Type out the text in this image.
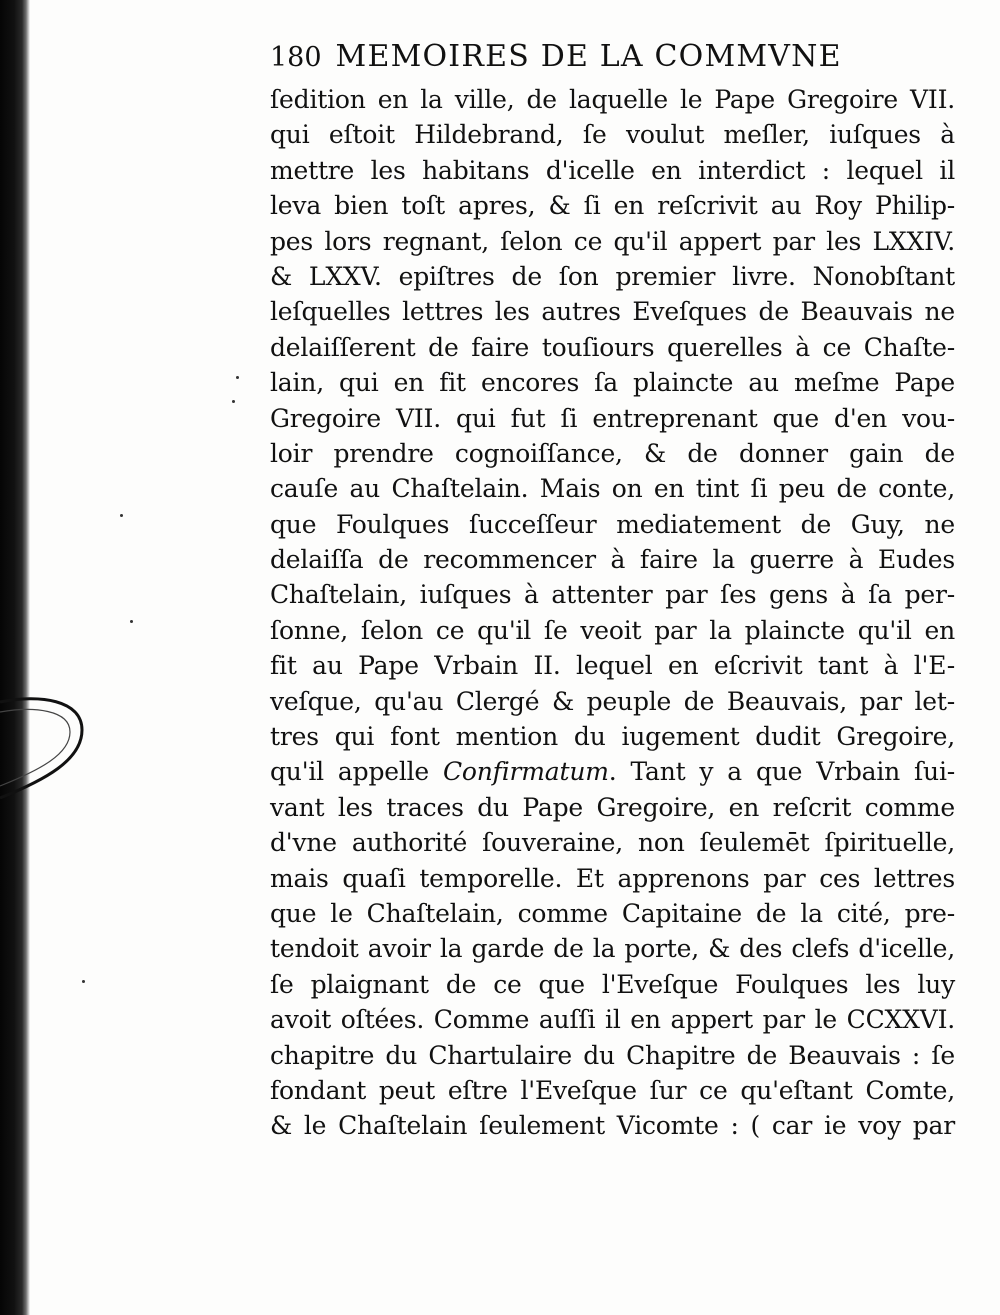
180 MEMOIRES DE LA COMMVNE
ſedition en la ville, de laquelle le Pape Gregoire VII.
qui eſtoit Hildebrand, ſe voulut meſler, iuſques à
mettre les habitans d'icelle en interdict : lequel il
leva bien toſt apres, & ſi en reſcrivit au Roy Philip-
pes lors regnant, ſelon ce qu'il appert par les LXXIV.
& LXXV. epiſtres de ſon premier livre. Nonobſtant
leſquelles lettres les autres Eveſques de Beauvais ne
delaiſſerent de faire touſiours querelles à ce Chaſte-
lain, qui en fit encores ſa plaincte au meſme Pape
Gregoire VII. qui fut ſi entreprenant que d'en vou-
loir prendre cognoiſſance, & de donner gain de
cauſe au Chaſtelain. Mais on en tint ſi peu de conte,
que Foulques ſucceſſeur mediatement de Guy, ne
delaiſſa de recommencer à faire la guerre à Eudes
Chaſtelain, iuſques à attenter par ſes gens à ſa per-
ſonne, ſelon ce qu'il ſe veoit par la plaincte qu'il en
fit au Pape Vrbain II. lequel en eſcrivit tant à l'E-
veſque, qu'au Clergé & peuple de Beauvais, par let-
tres qui font mention du iugement dudit Gregoire,
qu'il appelle Confirmatum. Tant y a que Vrbain ſui-
vant les traces du Pape Gregoire, en reſcrit comme
d'vne authorité ſouveraine, non ſeulemēt ſpirituelle,
mais quaſi temporelle. Et apprenons par ces lettres
que le Chaſtelain, comme Capitaine de la cité, pre-
tendoit avoir la garde de la porte, & des clefs d'icelle,
ſe plaignant de ce que l'Eveſque Foulques les luy
avoit oſtées. Comme auſſi il en appert par le CCXXVI.
chapitre du Chartulaire du Chapitre de Beauvais : ſe
fondant peut eſtre l'Eveſque ſur ce qu'eſtant Comte,
& le Chaſtelain ſeulement Vicomte : ( car ie voy par
